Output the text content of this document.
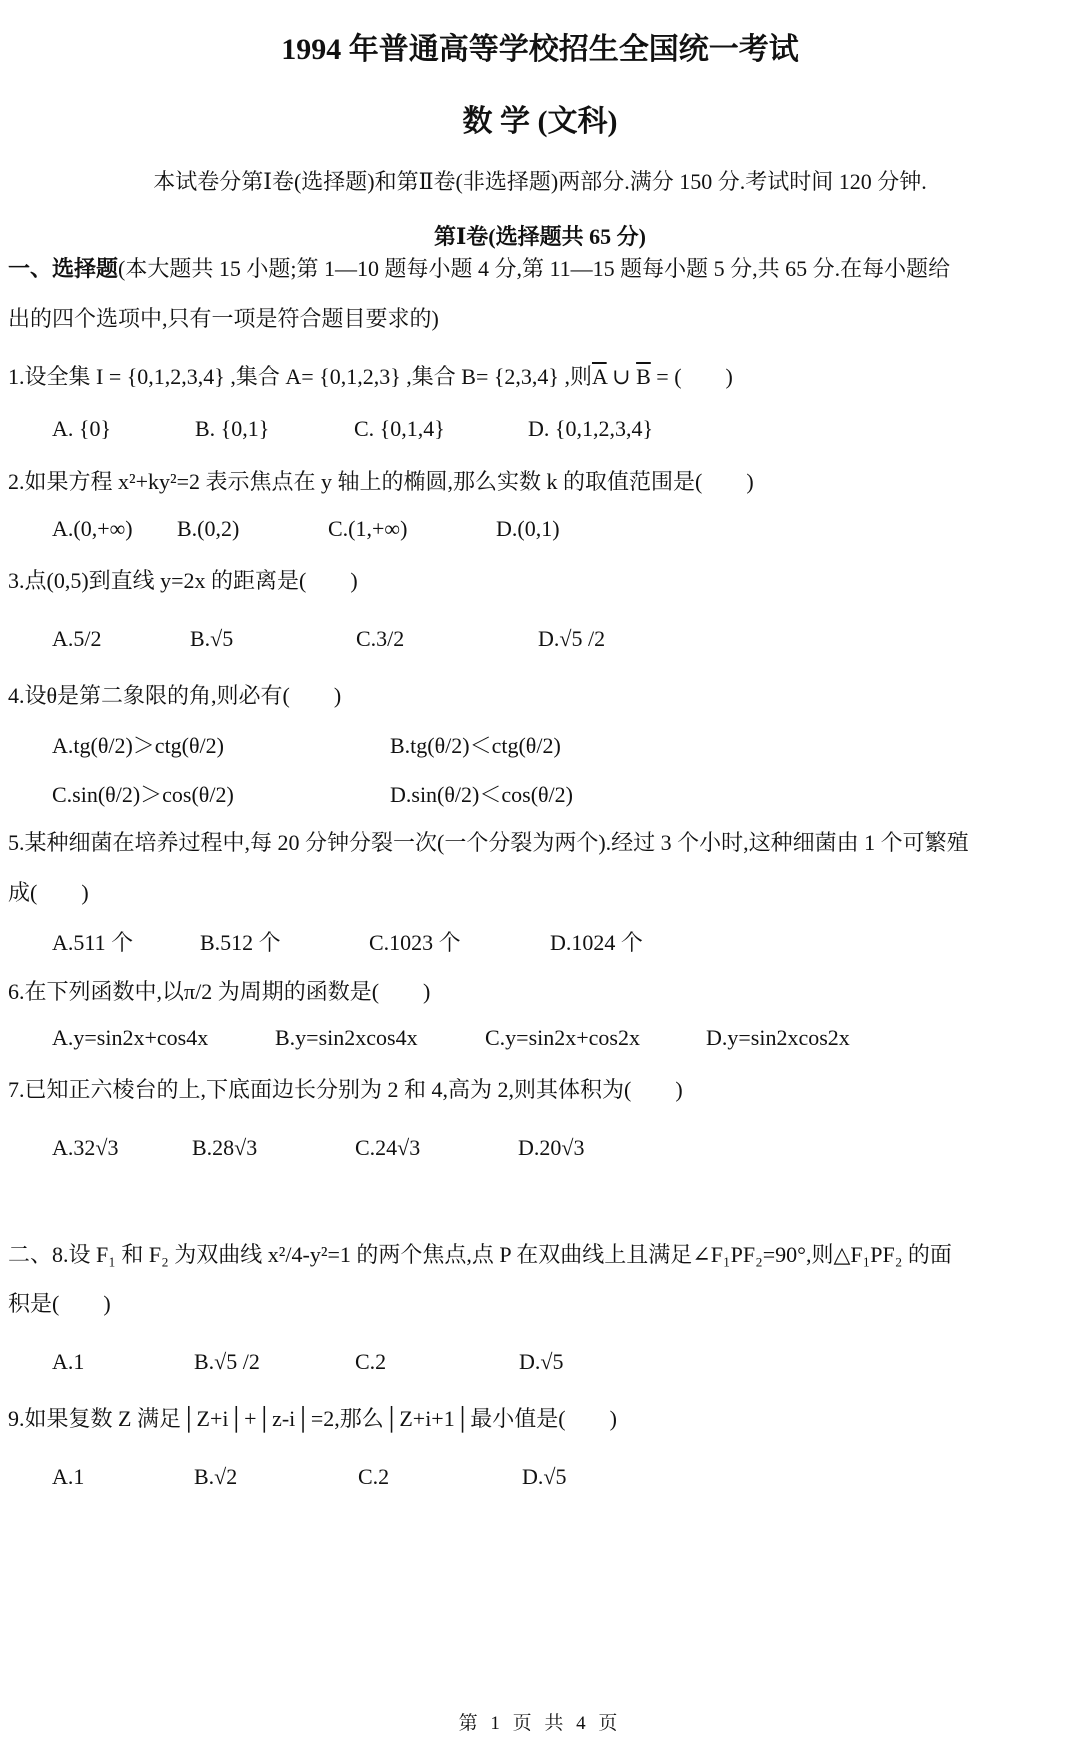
1994 年普通高等学校招生全国统一考试
数 学 (文科)
本试卷分第Ⅰ卷(选择题)和第Ⅱ卷(非选择题)两部分.满分 150 分.考试时间 120 分钟.
第Ⅰ卷(选择题共 65 分)
一、选择题(本大题共 15 小题;第 1—10 题每小题 4 分,第 11—15 题每小题 5 分,共 65 分.在每小题给
出的四个选项中,只有一项是符合题目要求的)
1.设全集 I = {0,1,2,3,4} ,集合 A= {0,1,2,3} ,集合 B= {2,3,4} ,则$\overline{A}$ ∪ $\overline{B}$ = (　　)
A. {0}	B. {0,1}	C. {0,1,4}	D. {0,1,2,3,4}
2.如果方程 x²+ky²=2 表示焦点在 y 轴上的椭圆,那么实数 k 的取值范围是(　　)
A.(0,+∞) B.(0,2)	C.(1,+∞)	D.(0,1)
3.点(0,5)到直线 y=2x 的距离是(　　)
A.5/2	B.√5	C.3/2	D.√5 /2
4.设θ是第二象限的角,则必有(　　)
A.tg(θ/2)＞ctg(θ/2)	B.tg(θ/2)＜ctg(θ/2)
C.sin(θ/2)＞cos(θ/2)	D.sin(θ/2)＜cos(θ/2)
5.某种细菌在培养过程中,每 20 分钟分裂一次(一个分裂为两个).经过 3 个小时,这种细菌由 1 个可繁殖
成(　　)
A.511 个	B.512 个	C.1023 个	D.1024 个
6.在下列函数中,以π/2 为周期的函数是(　　)
A.y=sin2x+cos4x	B.y=sin2xcos4x	C.y=sin2x+cos2x	D.y=sin2xcos2x
7.已知正六棱台的上,下底面边长分别为 2 和 4,高为 2,则其体积为(　　)
A.32√3	B.28√3	C.24√3	D.20√3
二、8.设 F₁ 和 F₂ 为双曲线 x²/4-y²=1 的两个焦点,点 P 在双曲线上且满足∠F₁PF₂=90°,则△F₁PF₂ 的面
积是(　　)
A.1	B.√5 /2	C.2	D.√5
9.如果复数 Z 满足│Z+i│+│z-i│=2,那么│Z+i+1│最小值是(　　)
A.1	B.√2	C.2	D.√5
第 1 页 共 4 页
